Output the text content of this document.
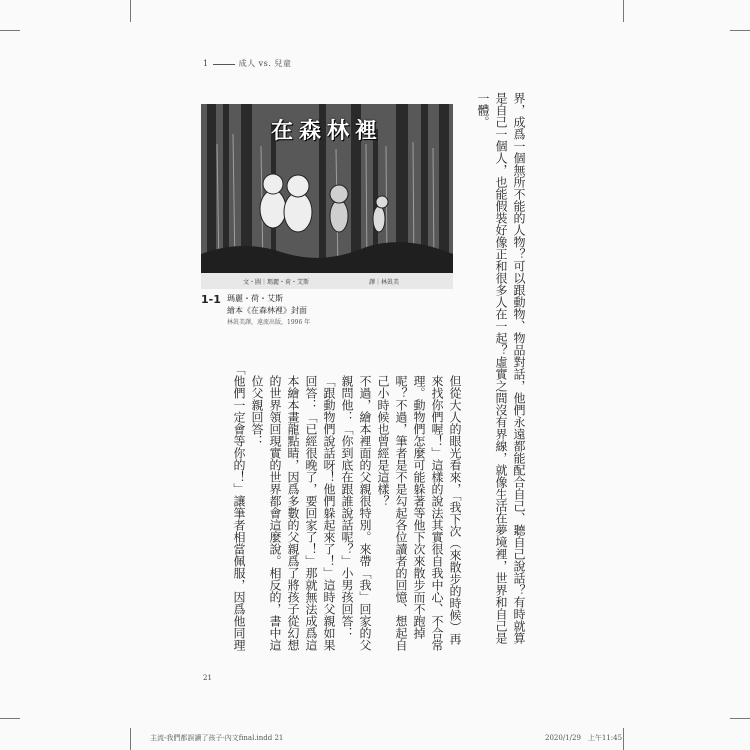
1	成人 vs. 兒童
在森林裡
文・圖｜瑪麗・荷・艾斯	譯｜林眞美
1-1 瑪麗・荷・艾斯
繪本《在森林裡》封面
林眞美譯，遠流出版，1996 年	界，成爲一個無所不能的人物？可以跟動物、物品對話，他們永遠都能配合自己、聽自己說話？有時就算是自己一個人，也能假裝好像正和很多人在一起？虛實之間沒有界線，就像生活在夢境裡，世界和自己是一體。

但從大人的眼光看來，「我下次（來散步的時候）再來找你們喔！」這樣的說法其實很自我中心、不合常理。動物們怎麼可能躲著等他下次來散步而不跑掉呢？不過，筆者是不是勾起各位讀者的回憶、想起自己小時候也曾經是這樣？

不過，繪本裡面的父親很特別。來帶「我」回家的父親問他：「你到底在跟誰說話呢？」小男孩回答：「跟動物們說話呀！他們躲起來了！」這時父親如果回答：「已經很晚了，要回家了！」那就無法成爲這本繪本畫龍點睛，因爲多數的父親爲了將孩子從幻想的世界領回現實的世界都會這麼說。相反的，書中這位父親回答：

「他們一定會等你的！」讓筆者相當佩服，因爲他同理

21
主流-我們都誤讀了孩子-內文final.indd 21	2020/1/29　上午11:45
